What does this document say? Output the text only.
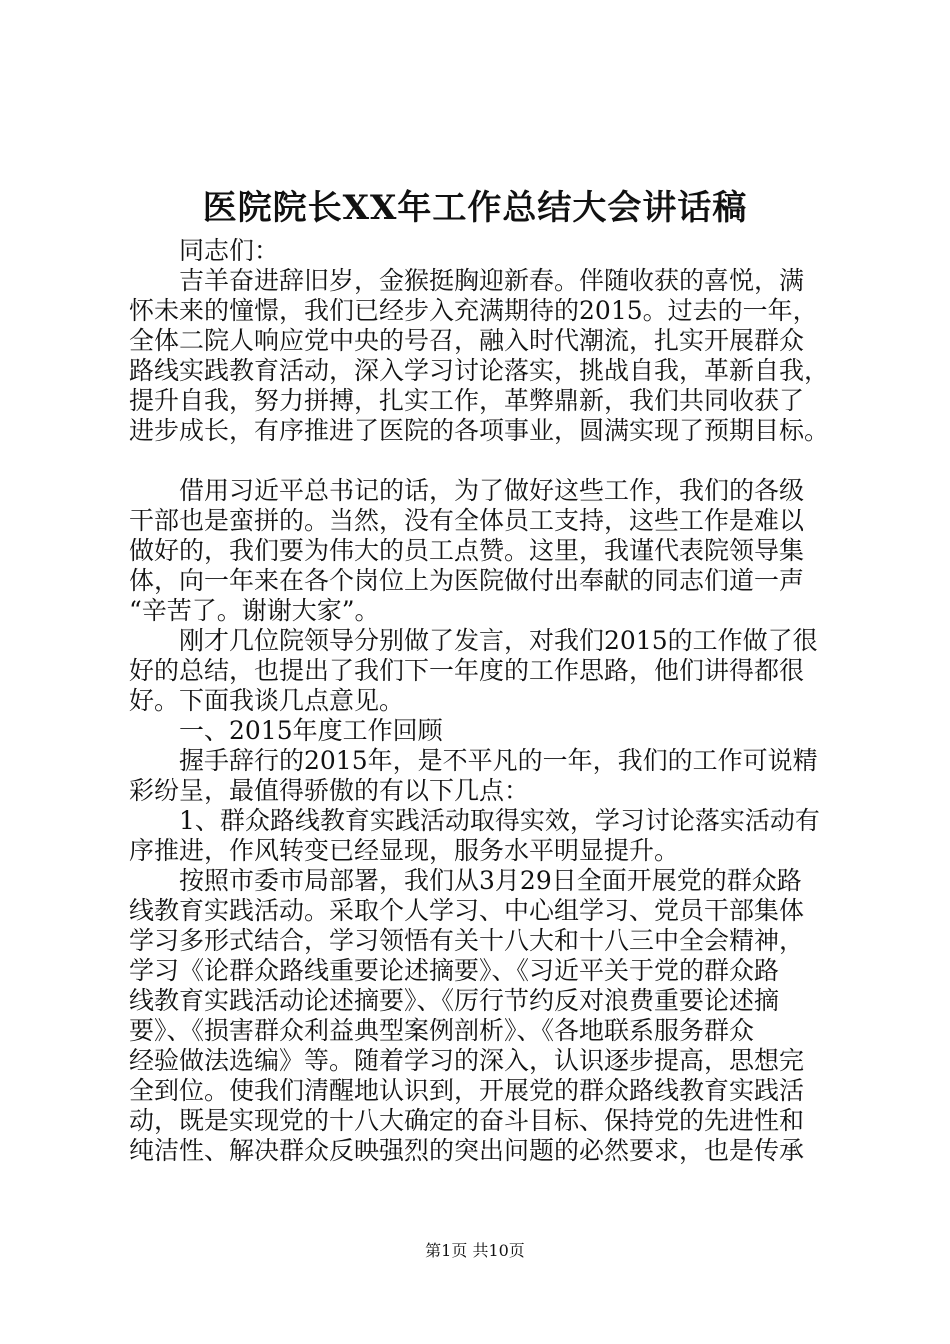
医院院长XX年工作总结大会讲话稿
　　同志们：
　　吉羊奋进辞旧岁，金猴挺胸迎新春。伴随收获的喜悦，满
怀未来的憧憬，我们已经步入充满期待的2015。过去的一年，
全体二院人响应党中央的号召，融入时代潮流，扎实开展群众
路线实践教育活动，深入学习讨论落实，挑战自我，革新自我，
提升自我，努力拼搏，扎实工作，革弊鼎新，我们共同收获了
进步成长，有序推进了医院的各项事业，圆满实现了预期目标。
　　借用习近平总书记的话，为了做好这些工作，我们的各级
干部也是蛮拼的。当然，没有全体员工支持，这些工作是难以
做好的，我们要为伟大的员工点赞。这里，我谨代表院领导集
体，向一年来在各个岗位上为医院做付出奉献的同志们道一声
“辛苦了。谢谢大家”。
　　刚才几位院领导分别做了发言，对我们2015的工作做了很
好的总结，也提出了我们下一年度的工作思路，他们讲得都很
好。下面我谈几点意见。
　　一、2015年度工作回顾
　　握手辞行的2015年，是不平凡的一年，我们的工作可说精
彩纷呈，最值得骄傲的有以下几点：
　　1、群众路线教育实践活动取得实效，学习讨论落实活动有
序推进，作风转变已经显现，服务水平明显提升。
　　按照市委市局部署，我们从3月29日全面开展党的群众路
线教育实践活动。采取个人学习、中心组学习、党员干部集体
学习多形式结合，学习领悟有关十八大和十八三中全会精神，
学习《论群众路线重要论述摘要》、《习近平关于党的群众路
线教育实践活动论述摘要》、《厉行节约反对浪费重要论述摘
要》、《损害群众利益典型案例剖析》、《各地联系服务群众
经验做法选编》等。随着学习的深入，认识逐步提高，思想完
全到位。使我们清醒地认识到，开展党的群众路线教育实践活
动，既是实现党的十八大确定的奋斗目标、保持党的先进性和
纯洁性、解决群众反映强烈的突出问题的必然要求，也是传承
第1页 共10页
